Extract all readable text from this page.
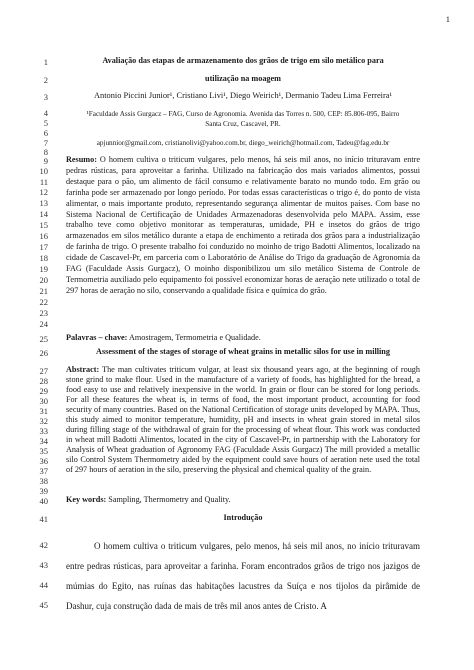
1
1
2
3
4
5
6
7
8
9
10
11
12
13
14
15
16
17
18
19
20
21
22
23
24
25
26
27
28
29
30
31
32
33
34
35
36
37
38
39
40
41
42
43
44
45
Avaliação das etapas de armazenamento dos grãos de trigo em silo metálico para
utilização na moagem
Antonio Piccini Junior¹, Cristiano Livi¹, Diego Weirich¹, Dermanio Tadeu Lima Ferreira¹
¹Faculdade Assis Gurgacz – FAG, Curso de Agronomia. Avenida das Torres n. 500, CEP: 85.806-095, Bairro
Santa Cruz, Cascavel, PR.
apjunnior@gmail.com, cristianolivi@yahoo.com.br, diego_weirich@hotmail.com, Tadeu@fag.edu.br
Resumo: O homem cultiva o triticum vulgares, pelo menos, há seis mil anos, no início trituravam entre pedras rústicas, para aproveitar a farinha. Utilizado na fabricação dos mais variados alimentos, possui destaque para o pão, um alimento de fácil consumo e relativamente barato no mundo todo. Em grão ou farinha pode ser armazenado por longo período. Por todas essas características o trigo é, do ponto de vista alimentar, o mais importante produto, representando segurança alimentar de muitos países. Com base no Sistema Nacional de Certificação de Unidades Armazenadoras desenvolvida pelo MAPA. Assim, esse trabalho teve como objetivo monitorar as temperaturas, umidade, PH e insetos do grãos de trigo armazenados em silos metálico durante a etapa de enchimento a retirada dos grãos para a industrialização de farinha de trigo. O presente trabalho foi conduzido no moinho de trigo Badotti Alimentos, localizado na cidade de Cascavel-Pr, em parceria com o Laboratório de Análise do Trigo da graduação de Agronomia da FAG (Faculdade Assis Gurgacz), O moinho disponibilizou um silo metálico Sistema de Controle de Termometria auxiliado pelo equipamento foi possível economizar horas de aeração nete utilizado o total de 297 horas de aeração no silo, conservando a qualidade física e química do grão.
Palavras – chave: Amostragem, Termometria e Qualidade.
Assessment of the stages of storage of wheat grains in metallic silos for use in milling
Abstract: The man cultivates triticum vulgar, at least six thousand years ago, at the beginning of rough stone grind to make flour. Used in the manufacture of a variety of foods, has highlighted for the bread, a food easy to use and relatively inexpensive in the world. In grain or flour can be stored for long periods. For all these features the wheat is, in terms of food, the most important product, accounting for food security of many countries. Based on the National Certification of storage units developed by MAPA. Thus, this study aimed to monitor temperature, humidity, pH and insects in wheat grain stored in metal silos during filling stage of the withdrawal of grain for the processing of wheat flour. This work was conducted in wheat mill Badotti Alimentos, located in the city of Cascavel-Pr, in partnership with the Laboratory for Analysis of Wheat graduation of Agronomy FAG (Faculdade Assis Gurgacz) The mill provided a metallic silo Control System Thermometry aided by the equipment could save hours of aeration nete used the total of 297 hours of aeration in the silo, preserving the physical and chemical quality of the grain.
Key words: Sampling, Thermometry and Quality.
Introdução
O homem cultiva o triticum vulgares, pelo menos, há seis mil anos, no início trituravam entre pedras rústicas, para aproveitar a farinha. Foram encontrados grãos de trigo nos jazigos de múmias do Egito, nas ruínas das habitações lacustres da Suíça e nos tijolos da pirâmide de Dashur, cuja construção dada de mais de três mil anos antes de Cristo. A
